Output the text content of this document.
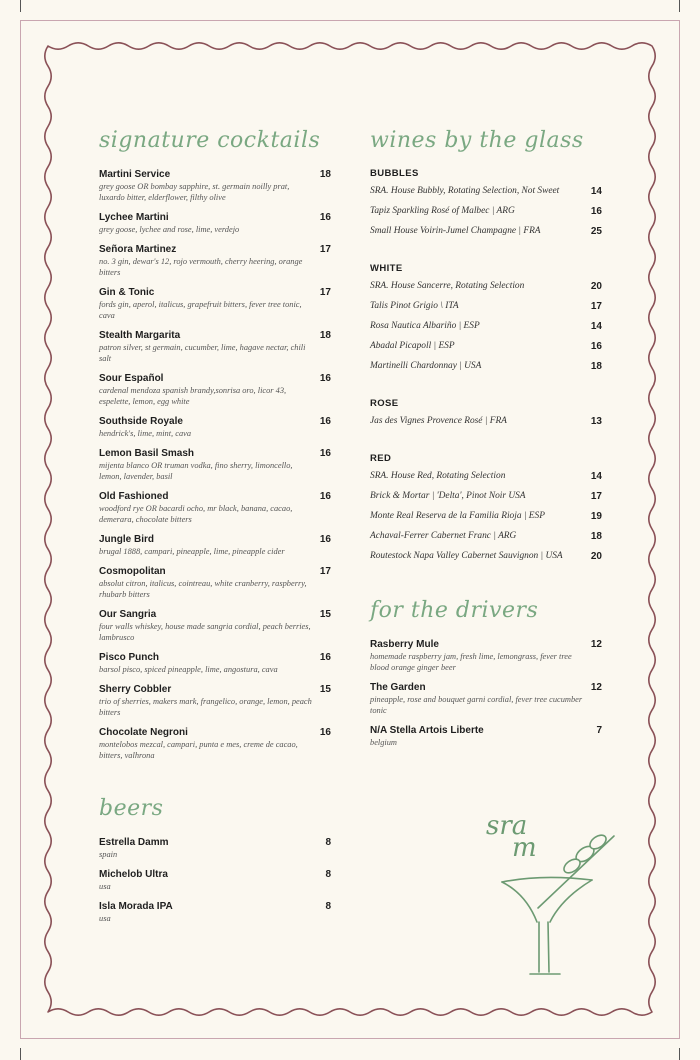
signature cocktails
Martini Service	18
grey goose OR bombay sapphire, st. germain noilly prat, luxardo bitter, elderflower, filthy olive
Lychee Martini	16
grey goose, lychee and rose, lime, verdejo
Señora Martinez	17
no. 3 gin, dewar's 12, rojo vermouth, cherry heering, orange bitters
Gin & Tonic	17
fords gin, aperol, italicus, grapefruit bitters, fever tree tonic, cava
Stealth Margarita	18
patron silver, st germain, cucumber, lime, hagave nectar, chili salt
Sour Español	16
cardenal mendoza spanish brandy,sonrisa oro, licor 43, espelette, lemon, egg white
Southside Royale	16
hendrick's, lime, mint, cava
Lemon Basil Smash	16
mijenta blanco OR truman vodka, fino sherry, limoncello, lemon, lavender, basil
Old Fashioned	16
woodford rye OR bacardi ocho, mr black, banana, cacao, demerara, chocolate bitters
Jungle Bird	16
brugal 1888, campari, pineapple, lime, pineapple cider
Cosmopolitan	17
absolut citron, italicus, cointreau, white cranberry, raspberry, rhubarb bitters
Our Sangria	15
four walls whiskey, house made sangria cordial, peach berries, lambrusco
Pisco Punch	16
barsol pisco, spiced pineapple, lime, angostura, cava
Sherry Cobbler	15
trio of sherries, makers mark, frangelico, orange, lemon, peach bitters
Chocolate Negroni	16
montelobos mezcal, campari, punta e mes, creme de cacao, bitters, valhrona
beers
Estrella Damm	8
spain
Michelob Ultra	8
usa
Isla Morada IPA	8
usa
wines by the glass
BUBBLES
SRA. House Bubbly, Rotating Selection, Not Sweet	14
Tapiz Sparkling Rosé of Malbec | ARG	16
Small House Voirin-Jumel Champagne | FRA	25
WHITE
SRA. House Sancerre, Rotating Selection	20
Talis Pinot Grigio \ ITA	17
Rosa Nautica Albariño | ESP	14
Abadal Picapoll | ESP	16
Martinelli Chardonnay | USA	18
ROSE
Jas des Vignes Provence Rosé | FRA	13
RED
SRA. House Red, Rotating Selection	14
Brick & Mortar | 'Delta', Pinot Noir USA	17
Monte Real Reserva de la Familia Rioja | ESP	19
Achaval-Ferrer Cabernet Franc | ARG	18
Routestock Napa Valley Cabernet Sauvignon | USA	20
for the drivers
Rasberry Mule	12
homemade raspberry jam, fresh lime, lemongrass, fever tree blood orange ginger beer
The Garden	12
pineapple, rose and bouquet garni cordial, fever tree cucumber tonic
N/A Stella Artois Liberte	7
belgium
sra
m
